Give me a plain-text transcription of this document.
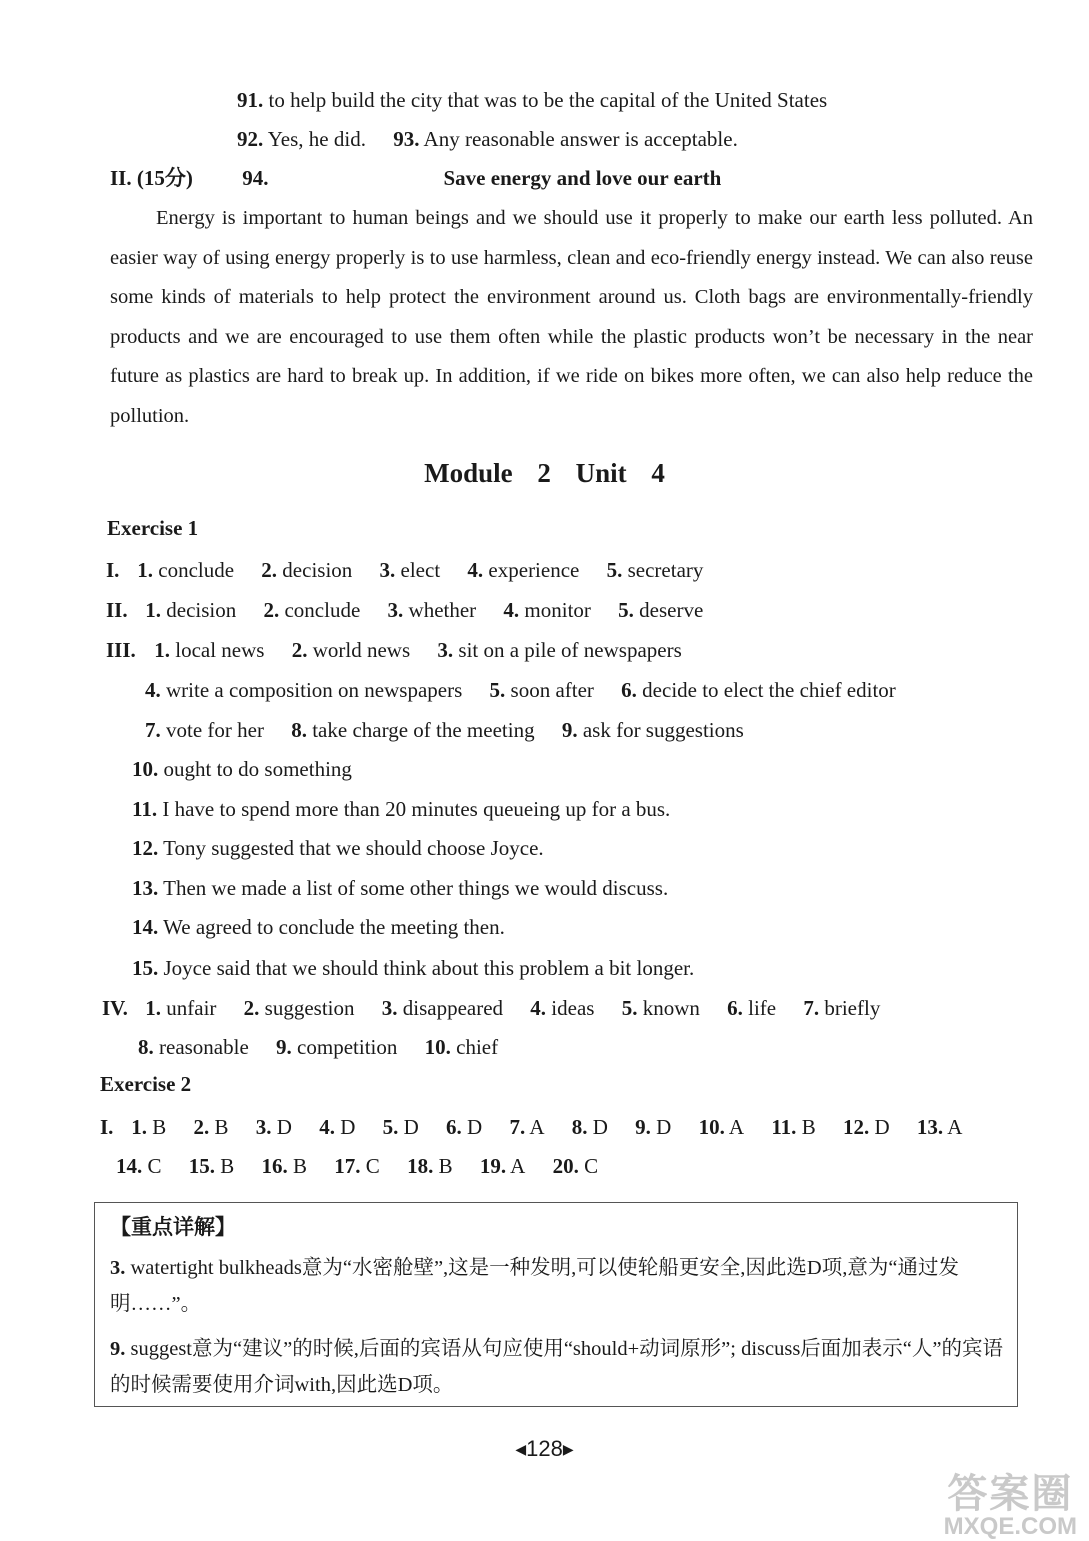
91. to help build the city that was to be the capital of the United States
92. Yes, he did. 93. Any reasonable answer is acceptable.
II. (15分) 94.	Save energy and love our earth
Energy is important to human beings and we should use it properly to make our earth less polluted. An easier way of using energy properly is to use harmless, clean and eco-friendly energy instead. We can also reuse some kinds of materials to help protect the environment around us. Cloth bags are environmentally-friendly products and we are encouraged to use them often while the plastic products won’t be necessary in the near future as plastics are hard to break up. In addition, if we ride on bikes more often, we can also help reduce the pollution.
Module 2 Unit 4
Exercise 1
I. 1. conclude 2. decision 3. elect 4. experience 5. secretary
II. 1. decision 2. conclude 3. whether 4. monitor 5. deserve
III. 1. local news 2. world news 3. sit on a pile of newspapers
4. write a composition on newspapers 5. soon after 6. decide to elect the chief editor
7. vote for her 8. take charge of the meeting 9. ask for suggestions
10. ought to do something
11. I have to spend more than 20 minutes queueing up for a bus.
12. Tony suggested that we should choose Joyce.
13. Then we made a list of some other things we would discuss.
14. We agreed to conclude the meeting then.
15. Joyce said that we should think about this problem a bit longer.
IV. 1. unfair 2. suggestion 3. disappeared 4. ideas 5. known 6. life 7. briefly
8. reasonable 9. competition 10. chief
Exercise 2
I. 1. B 2. B 3. D 4. D 5. D 6. D 7. A 8. D 9. D 10. A 11. B 12. D 13. A
14. C 15. B 16. B 17. C 18. B 19. A 20. C
【重点详解】
3. watertight bulkheads意为“水密舱壁”,这是一种发明,可以使轮船更安全,因此选D项,意为“通过发明……”。
9. suggest意为“建议”的时候,后面的宾语从句应使用“should+动词原形”; discuss后面加表示“人”的宾语的时候需要使用介词with,因此选D项。
◀128▶
答案圈
MXQE.COM
